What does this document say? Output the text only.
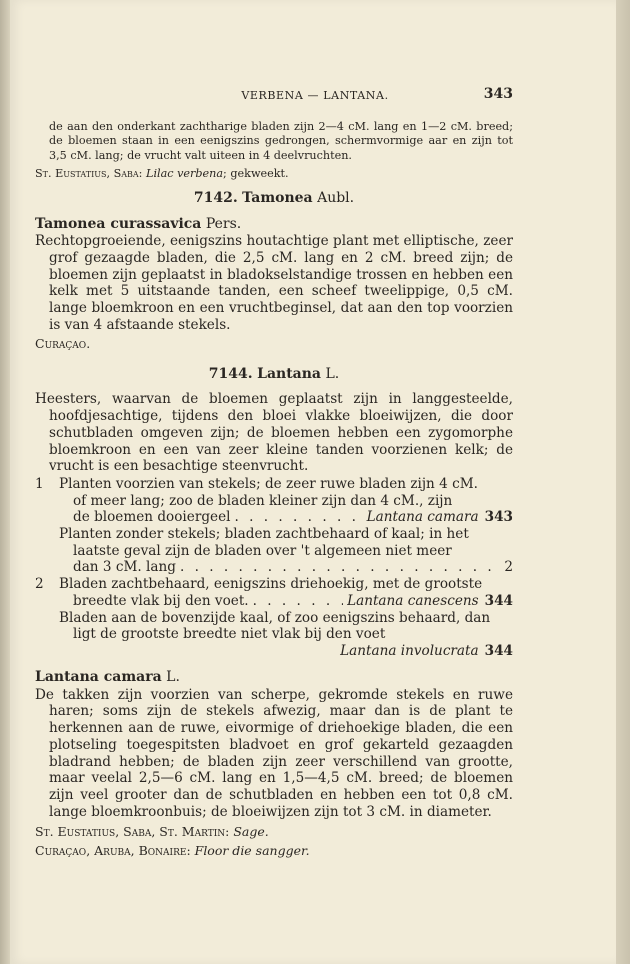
VERBENA — LANTANA.	343

de aan den onderkant zachtharige bladen zijn 2—4 cM. lang en 1—2 cM. breed; de bloemen staan in een eenigszins gedrongen, schermvormige aar en zijn tot 3,5 cM. lang; de vrucht valt uiteen in 4 deelvruchten.

St. Eustatius, Saba: Lilac verbena; gekweekt.

7142. Tamonea Aubl.

Tamonea curassavica Pers.

Rechtopgroeiende, eenigszins houtachtige plant met elliptische, zeer grof gezaagde bladen, die 2,5 cM. lang en 2 cM. breed zijn; de bloemen zijn geplaatst in bladokselstandige trossen en hebben een kelk met 5 uitstaande tanden, een scheef tweelippige, 0,5 cM. lange bloemkroon en een vruchtbeginsel, dat aan den top voorzien is van 4 afstaande stekels.

Curaçao.

7144. Lantana L.

Heesters, waarvan de bloemen geplaatst zijn in langgesteelde, hoofdjesachtige, tijdens den bloei vlakke bloeiwijzen, die door schutbladen omgeven zijn; de bloemen hebben een zygomorphe bloemkroon en een van zeer kleine tanden voorzienen kelk; de vrucht is een besachtige steenvrucht.

1 Planten voorzien van stekels; de zeer ruwe bladen zijn 4 cM.
of meer lang; zoo de bladen kleiner zijn dan 4 cM., zijn
de bloemen dooiergeel . . .	Lantana camara 343
Planten zonder stekels; bladen zachtbehaard of kaal; in het
laatste geval zijn de bladen over 't algemeen niet meer
dan 3 cM. lang . . .	2
2 Bladen zachtbehaard, eenigszins driehoekig, met de grootste
breedte vlak bij den voet. . . .	Lantana canescens 344
Bladen aan de bovenzijde kaal, of zoo eenigszins behaard, dan
ligt de grootste breedte niet vlak bij den voet
Lantana involucrata 344

Lantana camara L.

De takken zijn voorzien van scherpe, gekromde stekels en ruwe haren; soms zijn de stekels afwezig, maar dan is de plant te herkennen aan de ruwe, eivormige of driehoekige bladen, die een plotseling toegespitsten bladvoet en grof gekarteld gezaagden bladrand hebben; de bladen zijn zeer verschillend van grootte, maar veelal 2,5—6 cM. lang en 1,5—4,5 cM. breed; de bloemen zijn veel grooter dan de schutbladen en hebben een tot 0,8 cM. lange bloemkroonbuis; de bloeiwijzen zijn tot 3 cM. in diameter.

St. Eustatius, Saba, St. Martin: Sage.

Curaçao, Aruba, Bonaire: Floor die sangger.
